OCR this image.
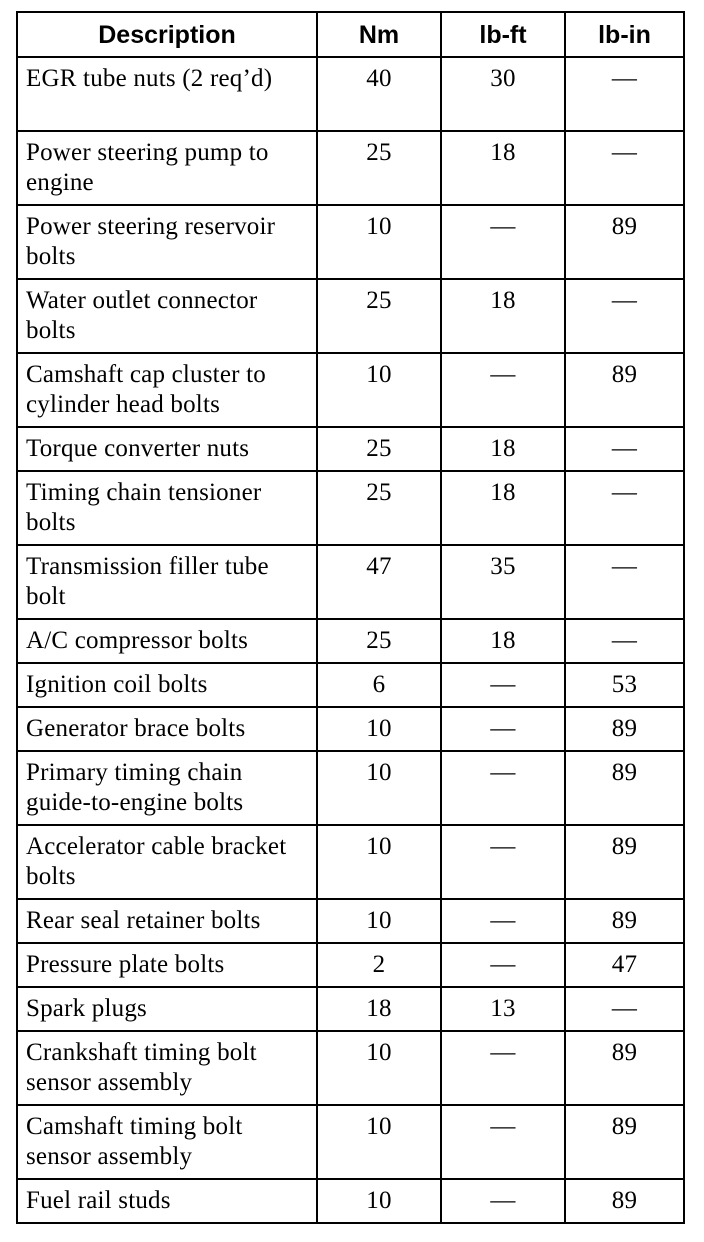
Description	Nm	lb-ft	lb-in
EGR tube nuts (2 req’d)	40	30	—
Power steering pump to engine	25	18	—
Power steering reservoir bolts	10	—	89
Water outlet connector bolts	25	18	—
Camshaft cap cluster to cylinder head bolts	10	—	89
Torque converter nuts	25	18	—
Timing chain tensioner bolts	25	18	—
Transmission filler tube bolt	47	35	—
A/C compressor bolts	25	18	—
Ignition coil bolts	6	—	53
Generator brace bolts	10	—	89
Primary timing chain guide-to-engine bolts	10	—	89
Accelerator cable bracket bolts	10	—	89
Rear seal retainer bolts	10	—	89
Pressure plate bolts	2	—	47
Spark plugs	18	13	—
Crankshaft timing bolt sensor assembly	10	—	89
Camshaft timing bolt sensor assembly	10	—	89
Fuel rail studs	10	—	89
